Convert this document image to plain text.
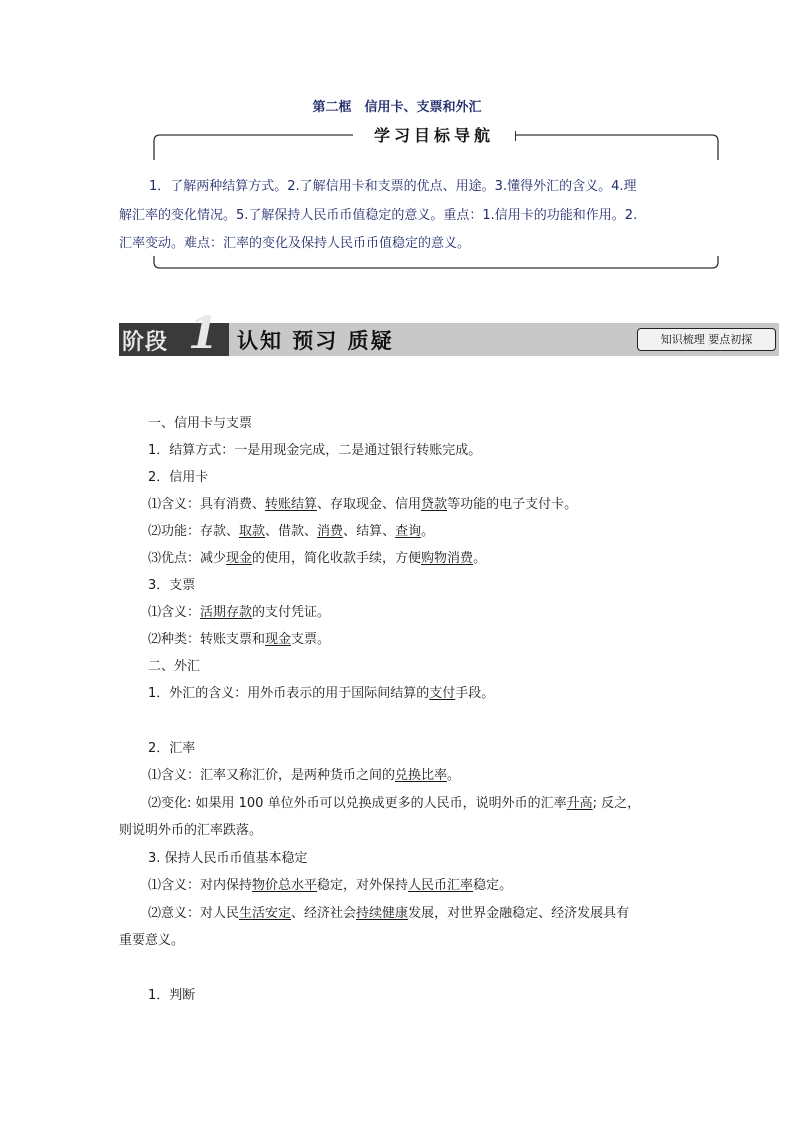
第二框　信用卡、支票和外汇
学习目标导航
1．了解两种结算方式。2.了解信用卡和支票的优点、用途。3.懂得外汇的含义。4.理
解汇率的变化情况。5.了解保持人民币币值稳定的意义。重点：1.信用卡的功能和作用。2.
汇率变动。难点：汇率的变化及保持人民币币值稳定的意义。
阶段 1 认知 预习 质疑	知识梳理 要点初探
一、信用卡与支票
1．结算方式：一是用现金完成，二是通过银行转账完成。
2．信用卡
⑴含义：具有消费、转账结算、存取现金、信用贷款等功能的电子支付卡。
⑵功能：存款、取款、借款、消费、结算、查询。
⑶优点：减少现金的使用，简化收款手续，方便购物消费。
3．支票
⑴含义：活期存款的支付凭证。
⑵种类：转账支票和现金支票。
二、外汇
1．外汇的含义：用外币表示的用于国际间结算的支付手段。
2．汇率
⑴含义：汇率又称汇价，是两种货币之间的兑换比率。
⑵变化: 如果用 100 单位外币可以兑换成更多的人民币，说明外币的汇率升高; 反之，
则说明外币的汇率跌落。
3. 保持人民币币值基本稳定
⑴含义：对内保持物价总水平稳定，对外保持人民币汇率稳定。
⑵意义：对人民生活安定、经济社会持续健康发展，对世界金融稳定、经济发展具有
重要意义。
1．判断
